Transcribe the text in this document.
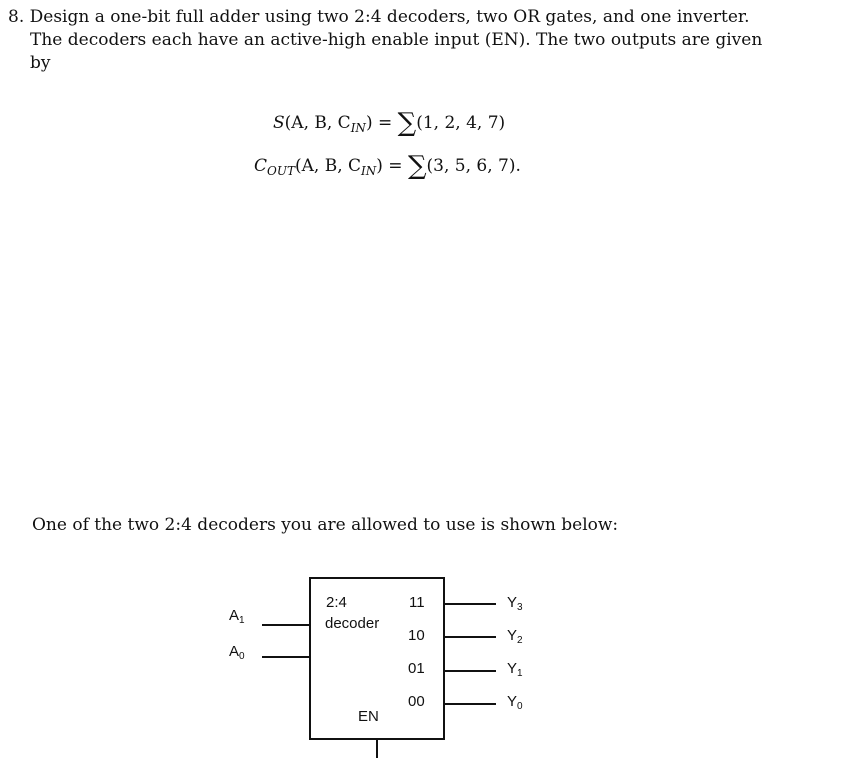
8. Design a one-bit full adder using two 2:4 decoders, two OR gates, and one inverter.
The decoders each have an active-high enable input (EN). The two outputs are given
by
S(A, B, $C_{IN}) = \sum(1$, 2, 4, 7)
$C_{OUT}(A$, B, $C_{IN}) = \sum(3$, 5, 6, 7).
One of the two 2:4 decoders you are allowed to use is shown below:
2:4
decoder
EN
$A_1$
$A_0$
11
10
01
00
$Y_3$
$Y_2$
$Y_1$
$Y_0$
